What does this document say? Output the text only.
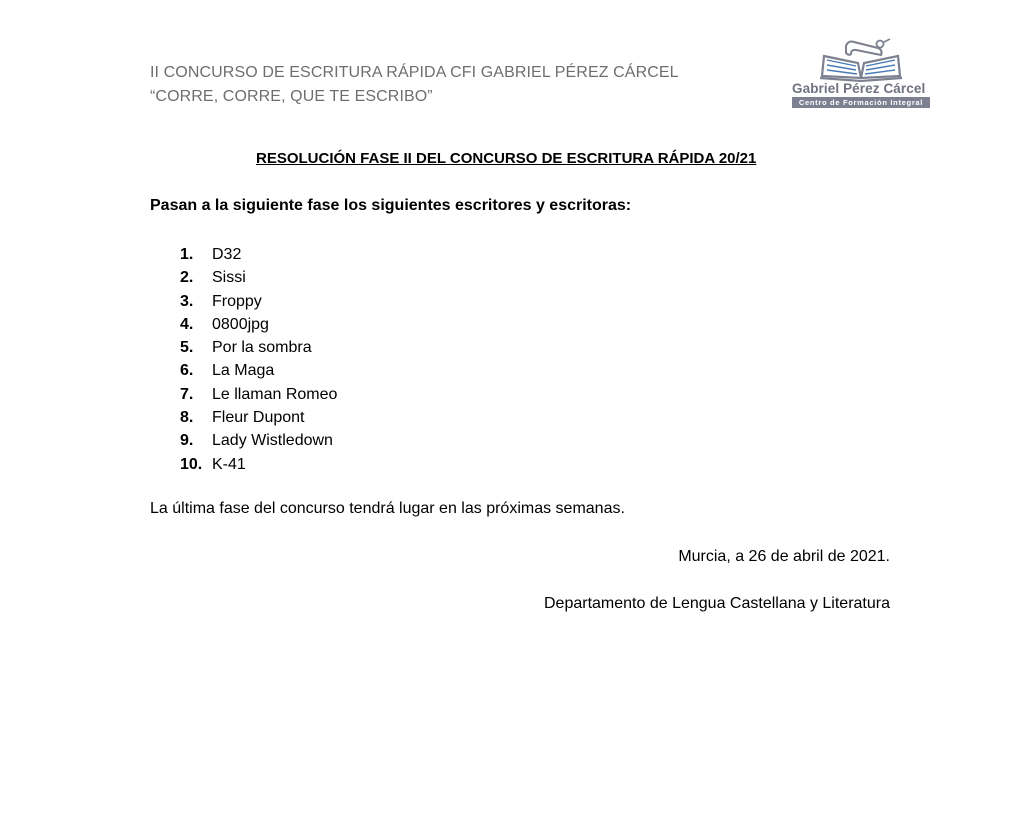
II CONCURSO DE ESCRITURA RÁPIDA CFI GABRIEL PÉREZ CÁRCEL
“CORRE, CORRE, QUE TE ESCRIBO”	Gabriel Pérez Cárcel
Centro de Formación Integral
RESOLUCIÓN FASE II DEL CONCURSO DE ESCRITURA RÁPIDA 20/21
Pasan a la siguiente fase los siguientes escritores y escritoras:
1. D32
2. Sissi
3. Froppy
4. 0800jpg
5. Por la sombra
6. La Maga
7. Le llaman Romeo
8. Fleur Dupont
9. Lady Wistledown
10. K-41
La última fase del concurso tendrá lugar en las próximas semanas.
Murcia, a 26 de abril de 2021.
Departamento de Lengua Castellana y Literatura
